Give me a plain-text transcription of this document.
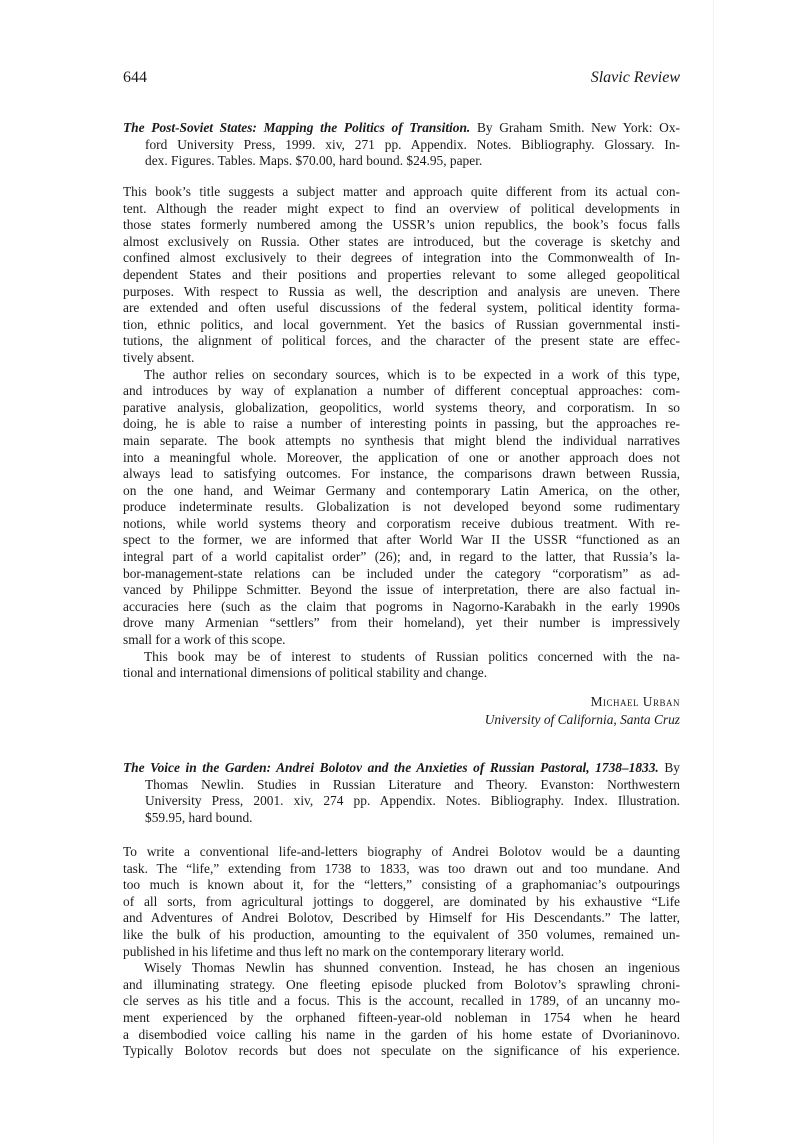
644	Slavic Review
The Post-Soviet States: Mapping the Politics of Transition. By Graham Smith. New York: Ox-
ford University Press, 1999. xiv, 271 pp. Appendix. Notes. Bibliography. Glossary. In-
dex. Figures. Tables. Maps. $70.00, hard bound. $24.95, paper.
This book’s title suggests a subject matter and approach quite different from its actual con-
tent. Although the reader might expect to find an overview of political developments in
those states formerly numbered among the USSR’s union republics, the book’s focus falls
almost exclusively on Russia. Other states are introduced, but the coverage is sketchy and
confined almost exclusively to their degrees of integration into the Commonwealth of In-
dependent States and their positions and properties relevant to some alleged geopolitical
purposes. With respect to Russia as well, the description and analysis are uneven. There
are extended and often useful discussions of the federal system, political identity forma-
tion, ethnic politics, and local government. Yet the basics of Russian governmental insti-
tutions, the alignment of political forces, and the character of the present state are effec-
tively absent.
The author relies on secondary sources, which is to be expected in a work of this type,
and introduces by way of explanation a number of different conceptual approaches: com-
parative analysis, globalization, geopolitics, world systems theory, and corporatism. In so
doing, he is able to raise a number of interesting points in passing, but the approaches re-
main separate. The book attempts no synthesis that might blend the individual narratives
into a meaningful whole. Moreover, the application of one or another approach does not
always lead to satisfying outcomes. For instance, the comparisons drawn between Russia,
on the one hand, and Weimar Germany and contemporary Latin America, on the other,
produce indeterminate results. Globalization is not developed beyond some rudimentary
notions, while world systems theory and corporatism receive dubious treatment. With re-
spect to the former, we are informed that after World War II the USSR “functioned as an
integral part of a world capitalist order” (26); and, in regard to the latter, that Russia’s la-
bor-management-state relations can be included under the category “corporatism” as ad-
vanced by Philippe Schmitter. Beyond the issue of interpretation, there are also factual in-
accuracies here (such as the claim that pogroms in Nagorno-Karabakh in the early 1990s
drove many Armenian “settlers” from their homeland), yet their number is impressively
small for a work of this scope.
This book may be of interest to students of Russian politics concerned with the na-
tional and international dimensions of political stability and change.
Michael Urban
University of California, Santa Cruz
The Voice in the Garden: Andrei Bolotov and the Anxieties of Russian Pastoral, 1738–1833. By
Thomas Newlin. Studies in Russian Literature and Theory. Evanston: Northwestern
University Press, 2001. xiv, 274 pp. Appendix. Notes. Bibliography. Index. Illustration.
$59.95, hard bound.
To write a conventional life-and-letters biography of Andrei Bolotov would be a daunting
task. The “life,” extending from 1738 to 1833, was too drawn out and too mundane. And
too much is known about it, for the “letters,” consisting of a graphomaniac’s outpourings
of all sorts, from agricultural jottings to doggerel, are dominated by his exhaustive “Life
and Adventures of Andrei Bolotov, Described by Himself for His Descendants.” The latter,
like the bulk of his production, amounting to the equivalent of 350 volumes, remained un-
published in his lifetime and thus left no mark on the contemporary literary world.
Wisely Thomas Newlin has shunned convention. Instead, he has chosen an ingenious
and illuminating strategy. One fleeting episode plucked from Bolotov’s sprawling chroni-
cle serves as his title and a focus. This is the account, recalled in 1789, of an uncanny mo-
ment experienced by the orphaned fifteen-year-old nobleman in 1754 when he heard
a disembodied voice calling his name in the garden of his home estate of Dvorianinovo.
Typically Bolotov records but does not speculate on the significance of his experience.
